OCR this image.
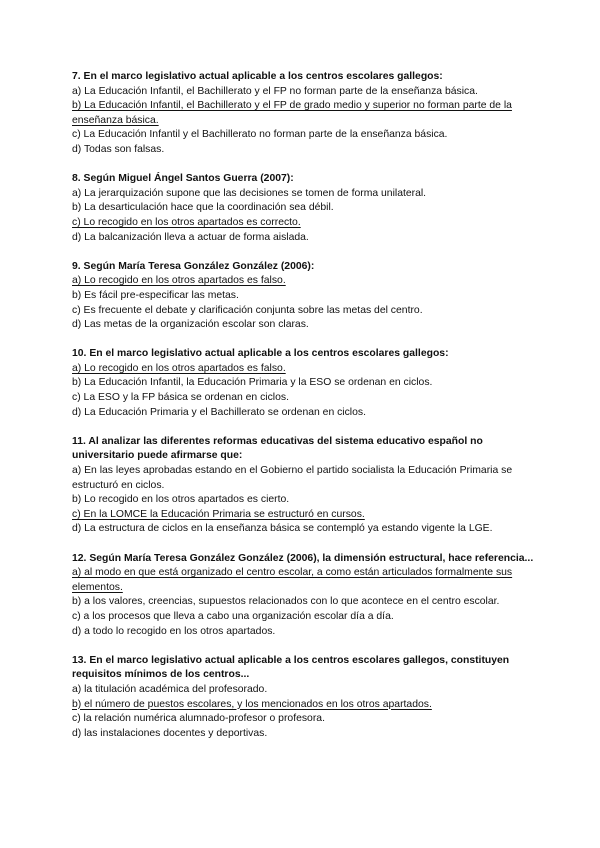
7. En el marco legislativo actual aplicable a los centros escolares gallegos:

a) La Educación Infantil, el Bachillerato y el FP no forman parte de la enseñanza básica.

b) La Educación Infantil, el Bachillerato y el FP de grado medio y superior no forman parte de la enseñanza básica.

c) La Educación Infantil y el Bachillerato no forman parte de la enseñanza básica.

d) Todas son falsas.

8. Según Miguel Ángel Santos Guerra (2007):

a) La jerarquización supone que las decisiones se tomen de forma unilateral.

b) La desarticulación hace que la coordinación sea débil.

c) Lo recogido en los otros apartados es correcto.

d) La balcanización lleva a actuar de forma aislada.

9. Según María Teresa González González (2006):

a) Lo recogido en los otros apartados es falso.

b) Es fácil pre-especificar las metas.

c) Es frecuente el debate y clarificación conjunta sobre las metas del centro.

d) Las metas de la organización escolar son claras.

10. En el marco legislativo actual aplicable a los centros escolares gallegos:

a) Lo recogido en los otros apartados es falso.

b) La Educación Infantil, la Educación Primaria y la ESO se ordenan en ciclos.

c) La ESO y la FP básica se ordenan en ciclos.

d) La Educación Primaria y el Bachillerato se ordenan en ciclos.

11. Al analizar las diferentes reformas educativas del sistema educativo español no universitario puede afirmarse que:

a) En las leyes aprobadas estando en el Gobierno el partido socialista la Educación Primaria se estructuró en ciclos.

b) Lo recogido en los otros apartados es cierto.

c) En la LOMCE la Educación Primaria se estructuró en cursos.

d) La estructura de ciclos en la enseñanza básica se contempló ya estando vigente la LGE.

12. Según María Teresa González González (2006), la dimensión estructural, hace referencia...

a) al modo en que está organizado el centro escolar, a como están articulados formalmente sus elementos.

b) a los valores, creencias, supuestos relacionados con lo que acontece en el centro escolar.

c) a los procesos que lleva a cabo una organización escolar día a día.

d) a todo lo recogido en los otros apartados.

13. En el marco legislativo actual aplicable a los centros escolares gallegos, constituyen requisitos mínimos de los centros...

a) la titulación académica del profesorado.

b) el número de puestos escolares, y los mencionados en los otros apartados.

c) la relación numérica alumnado-profesor o profesora.

d) las instalaciones docentes y deportivas.
